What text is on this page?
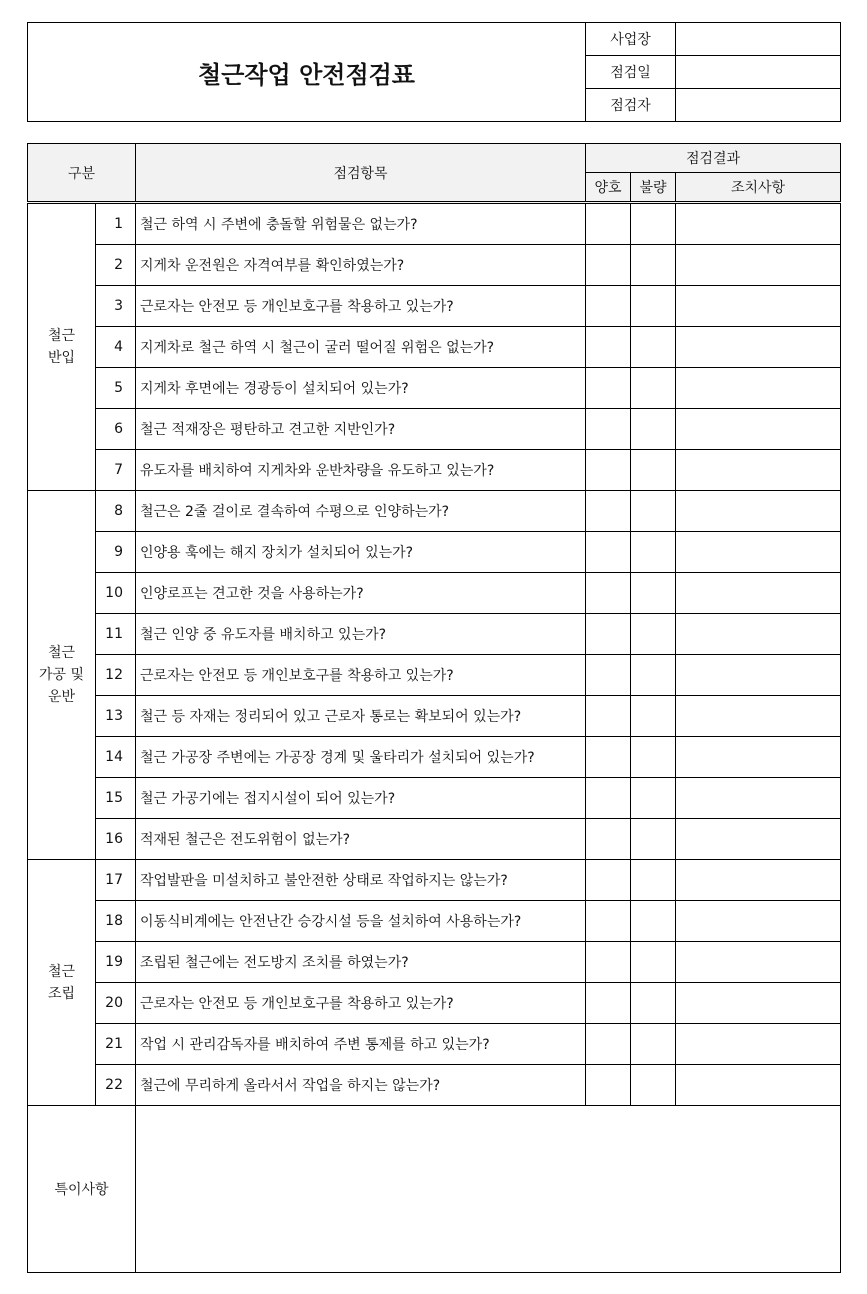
철근작업 안전점검표	사업장	
	점검일	
	점검자	
구분		점검항목	점검결과		
			양호	불량	조치사항
철근
반입	1	철근 하역 시 주변에 충돌할 위험물은 없는가?			
	2	지게차 운전원은 자격여부를 확인하였는가?			
	3	근로자는 안전모 등 개인보호구를 착용하고 있는가?			
	4	지게차로 철근 하역 시 철근이 굴러 떨어질 위험은 없는가?			
	5	지게차 후면에는 경광등이 설치되어 있는가?			
	6	철근 적재장은 평탄하고 견고한 지반인가?			
	7	유도자를 배치하여 지게차와 운반차량을 유도하고 있는가?			
철근
가공 및
운반	8	철근은 2줄 걸이로 결속하여 수평으로 인양하는가?			
	9	인양용 훅에는 해지 장치가 설치되어 있는가?			
	10	인양로프는 견고한 것을 사용하는가?			
	11	철근 인양 중 유도자를 배치하고 있는가?			
	12	근로자는 안전모 등 개인보호구를 착용하고 있는가?			
	13	철근 등 자재는 정리되어 있고 근로자 통로는 확보되어 있는가?			
	14	철근 가공장 주변에는 가공장 경계 및 울타리가 설치되어 있는가?			
	15	철근 가공기에는 접지시설이 되어 있는가?			
	16	적재된 철근은 전도위험이 없는가?			
철근
조립	17	작업발판을 미설치하고 불안전한 상태로 작업하지는 않는가?			
	18	이동식비계에는 안전난간 승강시설 등을 설치하여 사용하는가?			
	19	조립된 철근에는 전도방지 조치를 하였는가?			
	20	근로자는 안전모 등 개인보호구를 착용하고 있는가?			
	21	작업 시 관리감독자를 배치하여 주변 통제를 하고 있는가?			
	22	철근에 무리하게 올라서서 작업을 하지는 않는가?			
특이사항					
